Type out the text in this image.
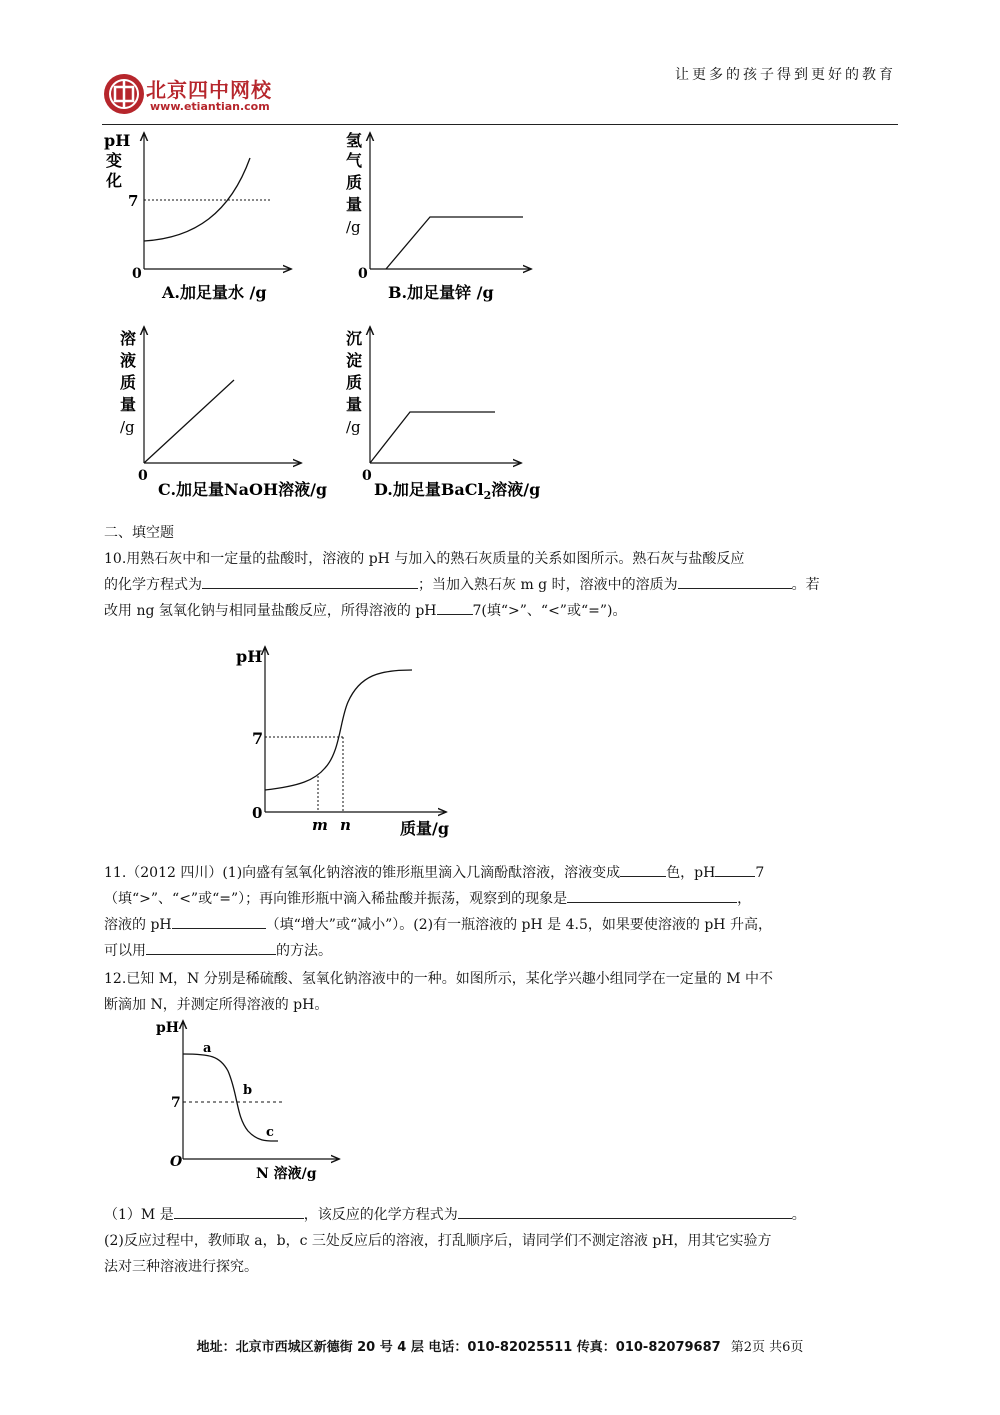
让更多的孩子得到更好的教育
北京四中网校
www.etiantian.com
pH
变
化
7
0
A.加足量水 /g
氢
气
质
量
/g
0
B.加足量锌 /g
溶
液
质
量
/g
0
C.加足量NaOH溶液/g
沉
淀
质
量
/g
0
D.加足量BaCl$_2$溶液/g
二、填空题
10.用熟石灰中和一定量的盐酸时，溶液的 pH 与加入的熟石灰质量的关系如图所示。熟石灰与盐酸反应
的化学方程式为	；当加入熟石灰 m g 时，溶液中的溶质为	。若
改用 ng 氢氧化钠与相同量盐酸反应，所得溶液的 pH	7(填“>”、“<”或“=”)。
pH
7
0
m n	质量/g
11.（2012 四川）(1)向盛有氢氧化钠溶液的锥形瓶里滴入几滴酚酞溶液，溶液变成	色，pH	7
（填“>”、“<”或“=”）；再向锥形瓶中滴入稀盐酸并振荡，观察到的现象是	，
溶液的 pH	（填“增大”或“减小”）。(2)有一瓶溶液的 pH 是 4.5，如果要使溶液的 pH 升高，
可以用	的方法。
12.已知 M，N 分别是稀硫酸、氢氧化钠溶液中的一种。如图所示，某化学兴趣小组同学在一定量的 M 中不
断滴加 N，并测定所得溶液的 pH。
pH
a
b
c
7
O
N 溶液/g
（1）M 是	，该反应的化学方程式为	。
(2)反应过程中，教师取 a，b，c 三处反应后的溶液，打乱顺序后，请同学们不测定溶液 pH，用其它实验方
法对三种溶液进行探究。
地址：北京市西城区新德街 20 号 4 层 电话：010-82025511 传真：010-82079687 第2页 共6页
